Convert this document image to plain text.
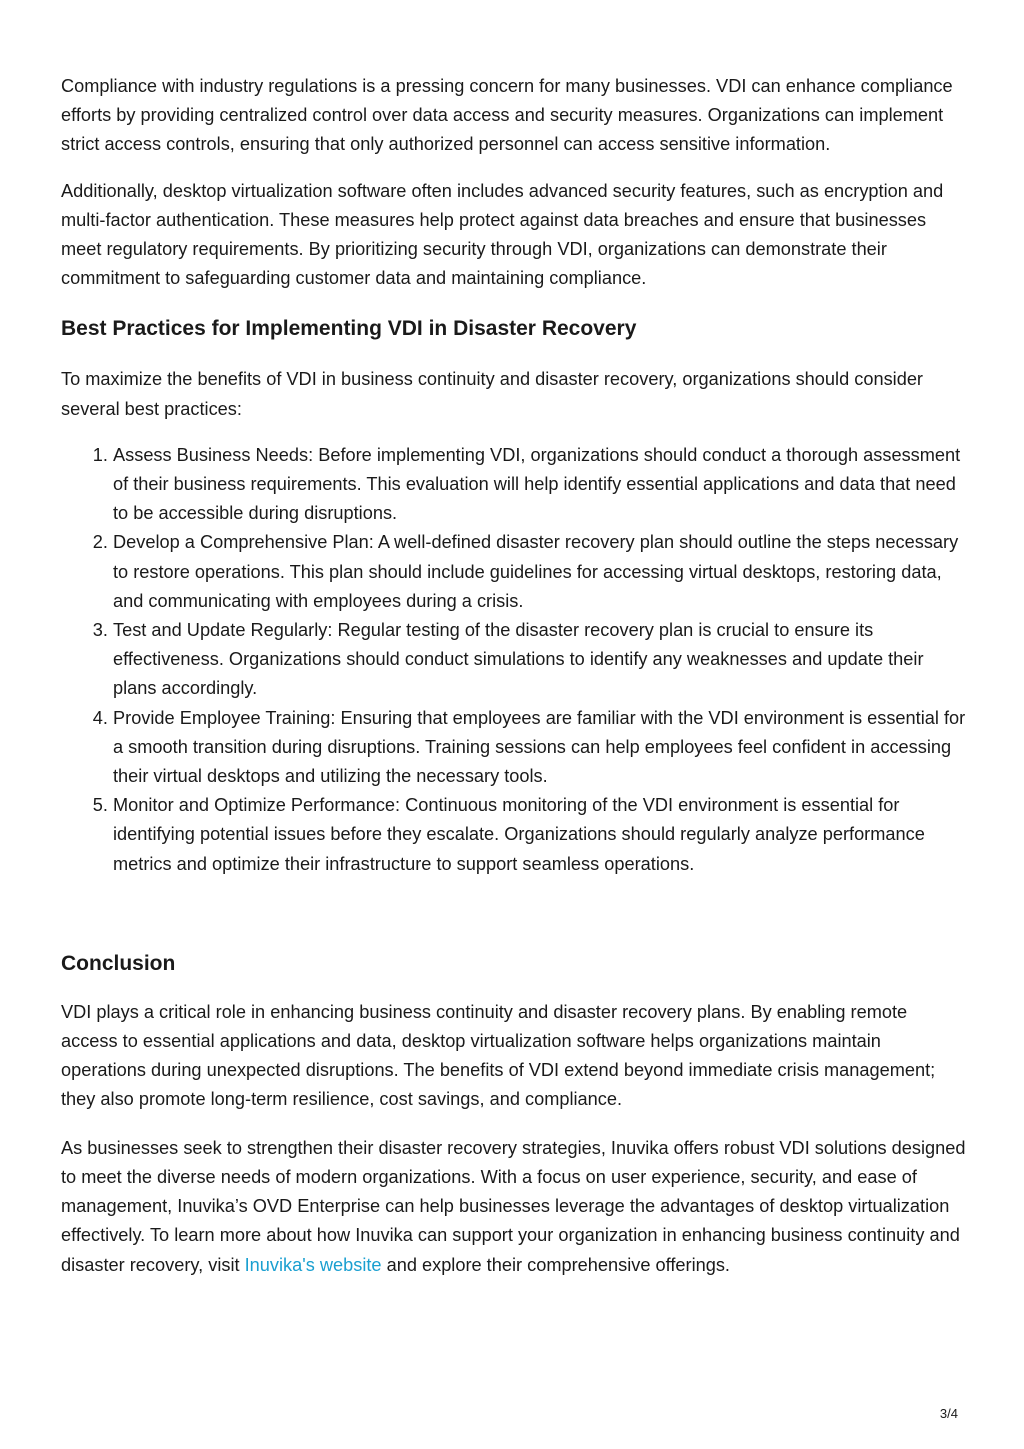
Compliance with industry regulations is a pressing concern for many businesses. VDI can enhance compliance efforts by providing centralized control over data access and security measures. Organizations can implement strict access controls, ensuring that only authorized personnel can access sensitive information.

Additionally, desktop virtualization software often includes advanced security features, such as encryption and multi-factor authentication. These measures help protect against data breaches and ensure that businesses meet regulatory requirements. By prioritizing security through VDI, organizations can demonstrate their commitment to safeguarding customer data and maintaining compliance.

Best Practices for Implementing VDI in Disaster Recovery

To maximize the benefits of VDI in business continuity and disaster recovery, organizations should consider several best practices:

1. Assess Business Needs: Before implementing VDI, organizations should conduct a thorough assessment of their business requirements. This evaluation will help identify essential applications and data that need to be accessible during disruptions.
2. Develop a Comprehensive Plan: A well-defined disaster recovery plan should outline the steps necessary to restore operations. This plan should include guidelines for accessing virtual desktops, restoring data, and communicating with employees during a crisis.
3. Test and Update Regularly: Regular testing of the disaster recovery plan is crucial to ensure its effectiveness. Organizations should conduct simulations to identify any weaknesses and update their plans accordingly.
4. Provide Employee Training: Ensuring that employees are familiar with the VDI environment is essential for a smooth transition during disruptions. Training sessions can help employees feel confident in accessing their virtual desktops and utilizing the necessary tools.
5. Monitor and Optimize Performance: Continuous monitoring of the VDI environment is essential for identifying potential issues before they escalate. Organizations should regularly analyze performance metrics and optimize their infrastructure to support seamless operations.
Conclusion

VDI plays a critical role in enhancing business continuity and disaster recovery plans. By enabling remote access to essential applications and data, desktop virtualization software helps organizations maintain operations during unexpected disruptions. The benefits of VDI extend beyond immediate crisis management; they also promote long-term resilience, cost savings, and compliance.

As businesses seek to strengthen their disaster recovery strategies, Inuvika offers robust VDI solutions designed to meet the diverse needs of modern organizations. With a focus on user experience, security, and ease of management, Inuvika’s OVD Enterprise can help businesses leverage the advantages of desktop virtualization effectively. To learn more about how Inuvika can support your organization in enhancing business continuity and disaster recovery, visit Inuvika's website and explore their comprehensive offerings.

3/4
